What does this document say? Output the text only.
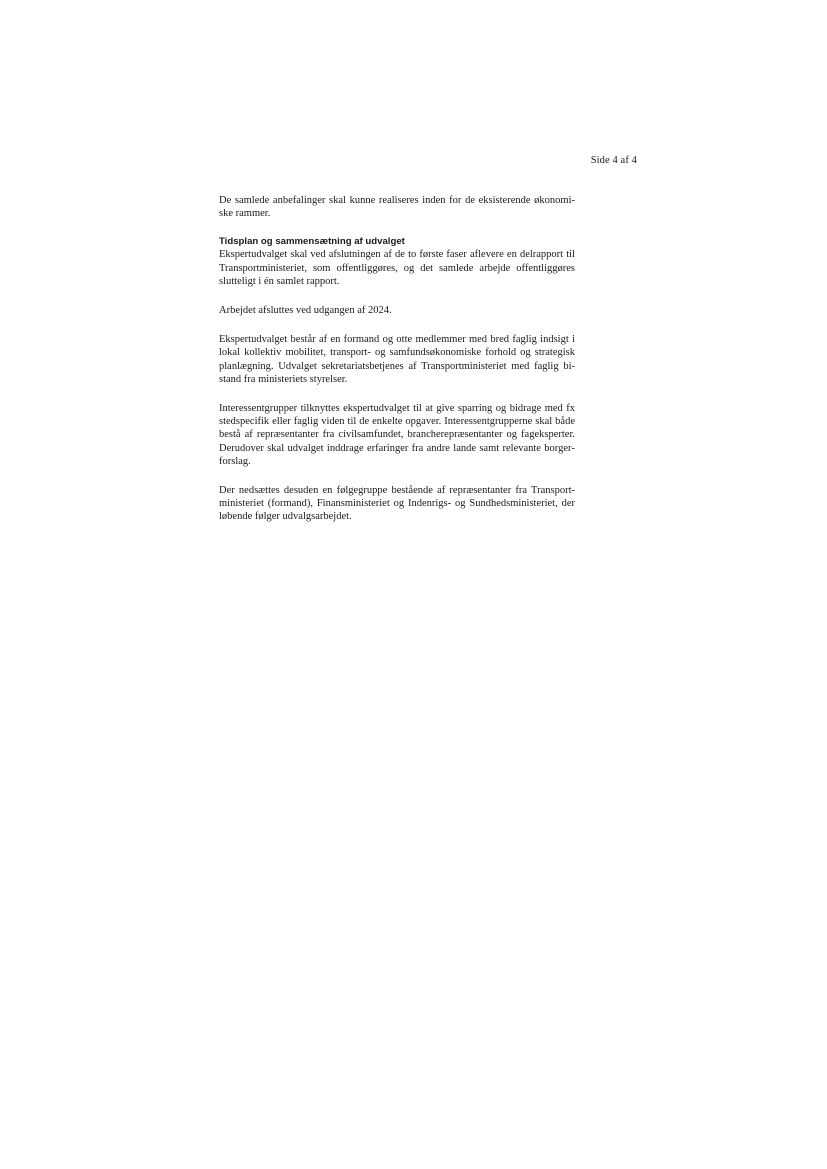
Side 4 af 4

De samlede anbefalinger skal kunne realiseres inden for de eksisterende økonomiske rammer.

Tidsplan og sammensætning af udvalget

Ekspertudvalget skal ved afslutningen af de to første faser aflevere en delrapport til Transportministeriet, som offentliggøres, og det samlede arbejde offentliggøres slutteligt i én samlet rapport.

Arbejdet afsluttes ved udgangen af 2024.

Ekspertudvalget består af en formand og otte medlemmer med bred faglig indsigt i lokal kollektiv mobilitet, transport- og samfundsøkonomiske forhold og strategisk planlægning. Udvalget sekretariatsbetjenes af Transportministeriet med faglig bistand fra ministeriets styrelser.

Interessentgrupper tilknyttes ekspertudvalget til at give sparring og bidrage med fx stedspecifik eller faglig viden til de enkelte opgaver. Interessentgrupperne skal både bestå af repræsentanter fra civilsamfundet, brancherepræsentanter og fageksperter. Derudover skal udvalget inddrage erfaringer fra andre lande samt relevante borgerforslag.

Der nedsættes desuden en følgegruppe bestående af repræsentanter fra Transportministeriet (formand), Finansministeriet og Indenrigs- og Sundhedsministeriet, der løbende følger udvalgsarbejdet.
